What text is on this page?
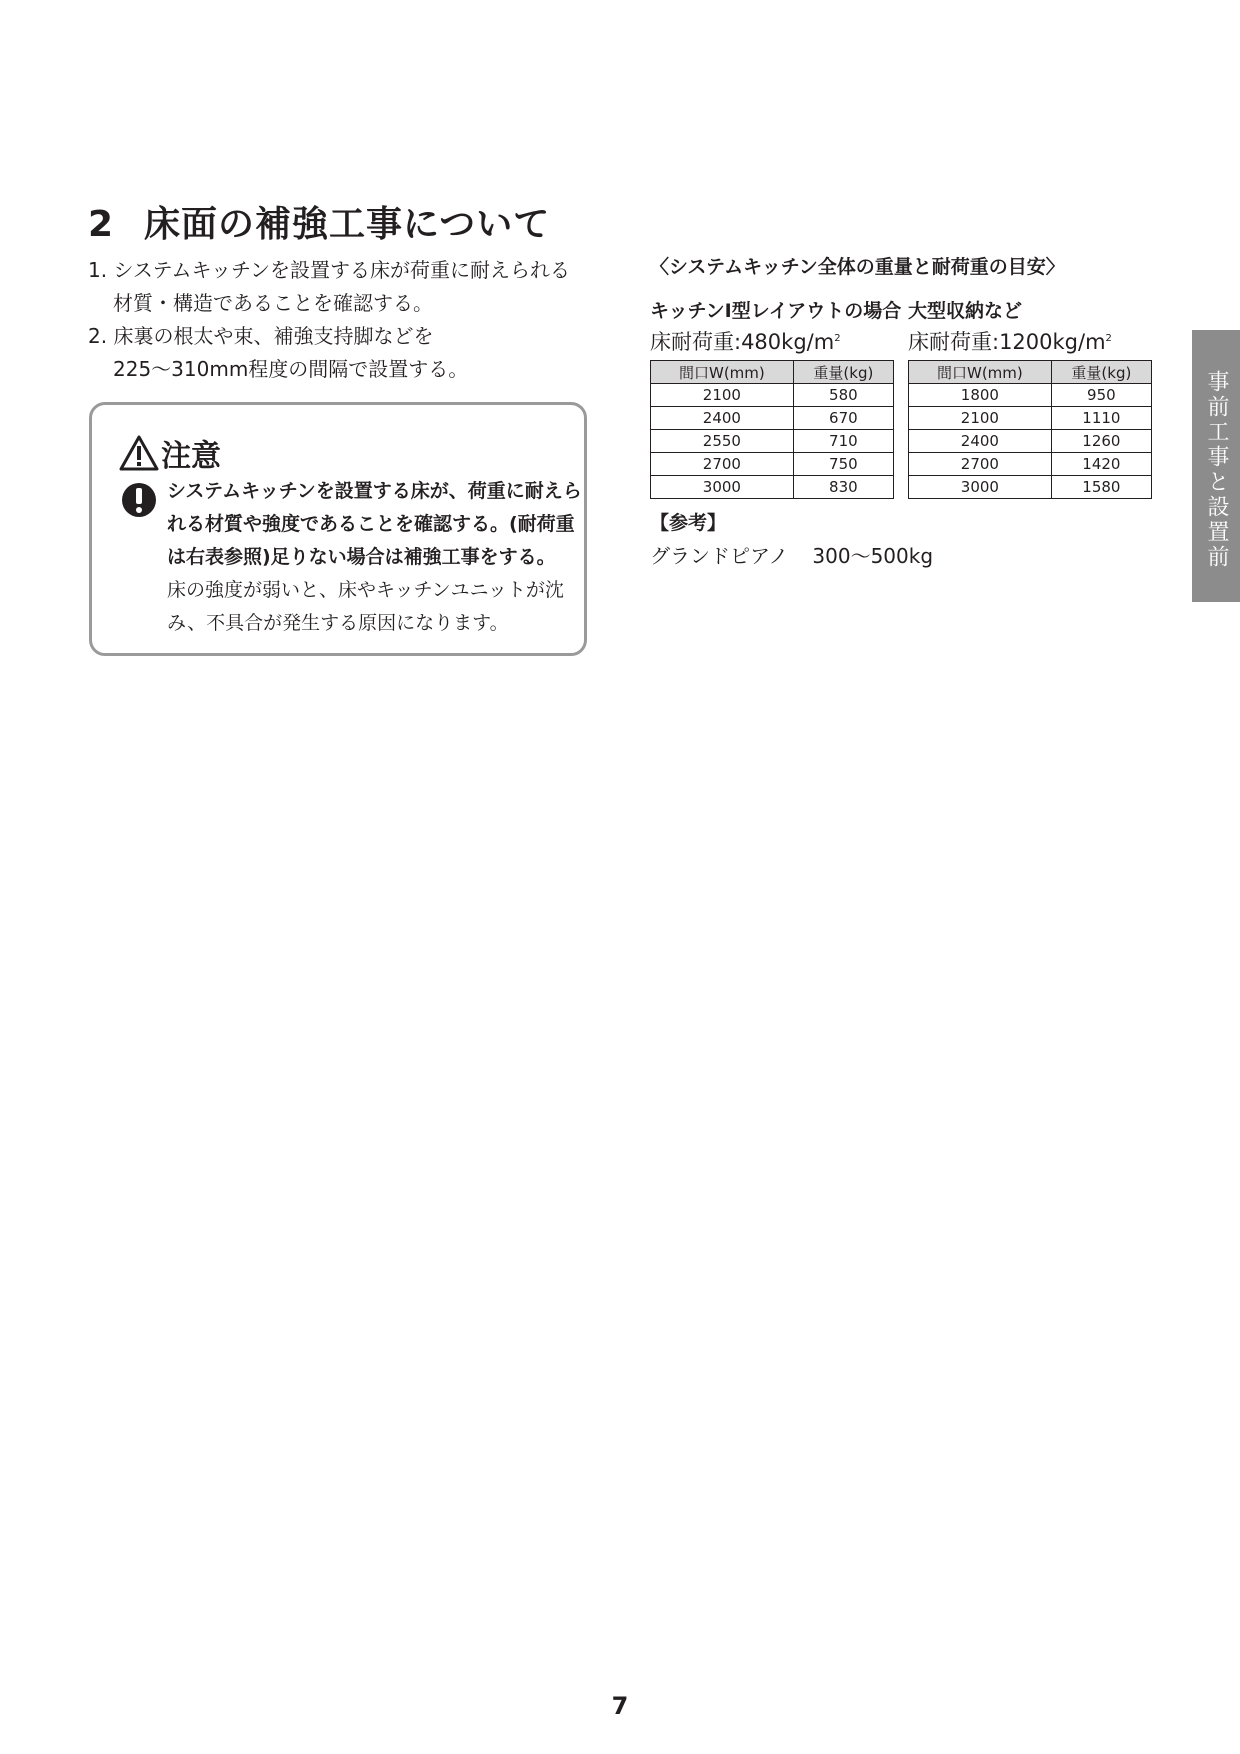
2 床面の補強工事について
1. システムキッチンを設置する床が荷重に耐えられる
材質・構造であることを確認する。
2. 床裏の根太や束、補強支持脚などを
225〜310mm程度の間隔で設置する。
注意
システムキッチンを設置する床が、荷重に耐えら
れる材質や強度であることを確認する。(耐荷重
は右表参照)足りない場合は補強工事をする。
床の強度が弱いと、床やキッチンユニットが沈
み、不具合が発生する原因になります。
〈システムキッチン全体の重量と耐荷重の目安〉
キッチンI型レイアウトの場合
床耐荷重$:480kg/m^2$
間口W(mm)	重量(kg)
2100	580
2400	670
2550	710
2700	750
3000	830
大型収納など
床耐荷重$:1200kg/m^2$
間口W(mm)	重量(kg)
1800	950
2100	1110
2400	1260
2700	1420
3000	1580
【参考】
グランドピアノ 300〜500kg	事前工事と設置前
7
